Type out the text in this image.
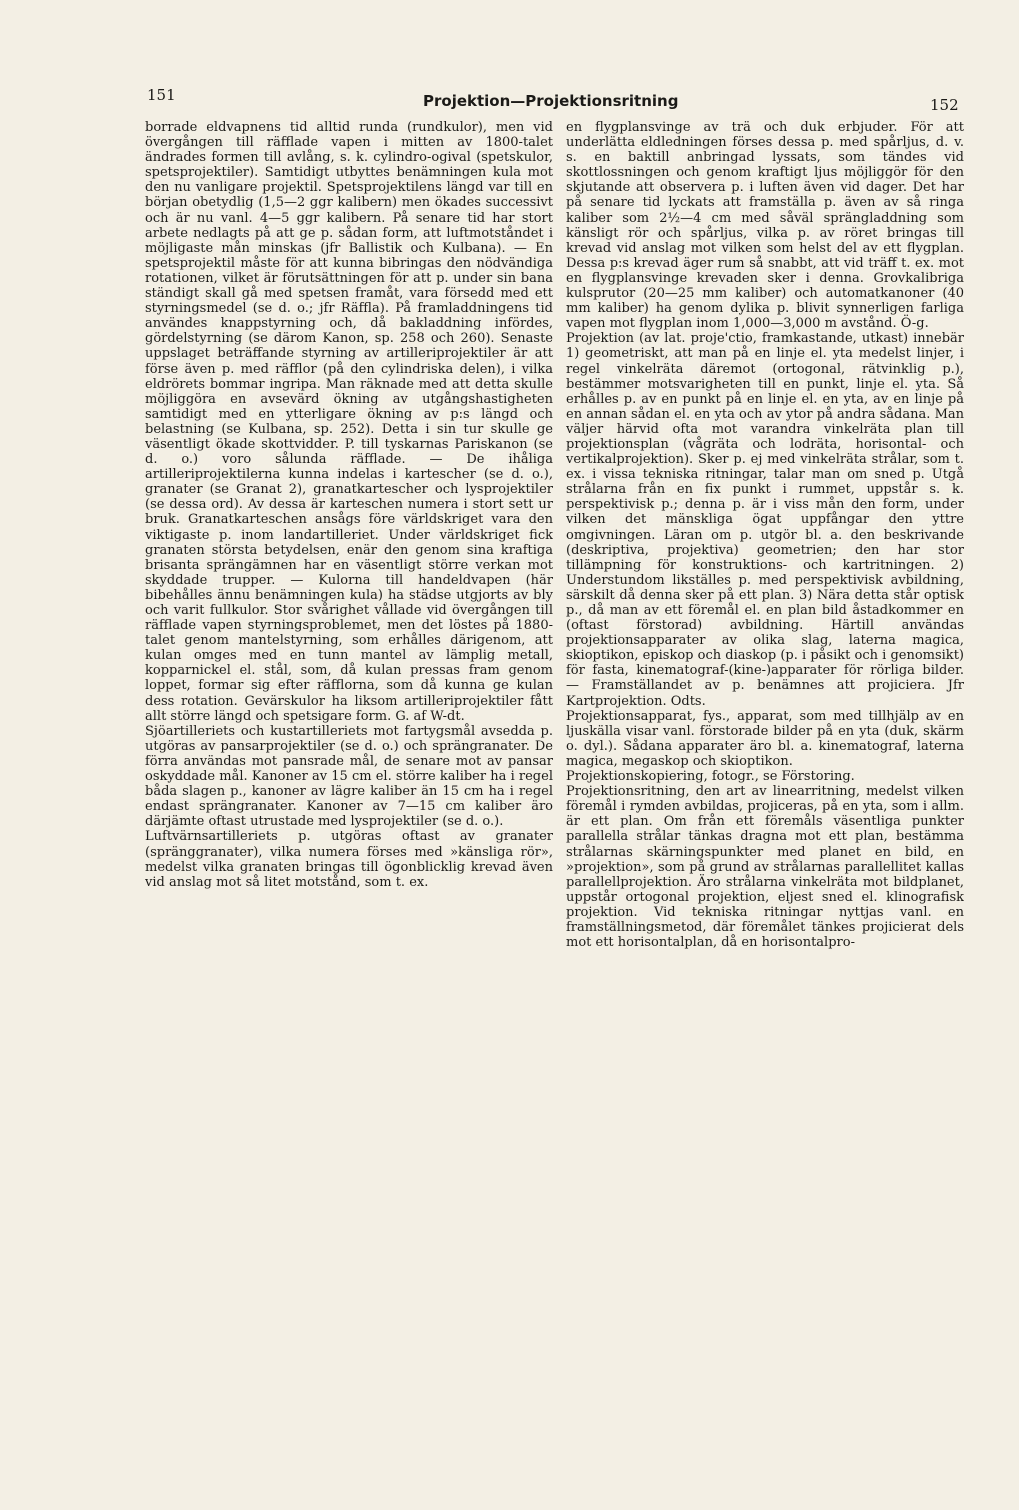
151	Projektion—Projektionsritning	152

borrade eldvapnens tid alltid runda (rundkulor), men vid övergången till räfflade vapen i mitten av 1800-talet ändrades formen till avlång, s. k. cylindro-ogival (spetskulor, spetsprojektiler). Samtidigt utbyttes benämningen kula mot den nu vanligare projektil. Spetsprojektilens längd var till en början obetydlig (1,5—2 ggr kalibern) men ökades successivt och är nu vanl. 4—5 ggr kalibern. På senare tid har stort arbete nedlagts på att ge p. sådan form, att luftmotståndet i möjligaste mån minskas (jfr Ballistik och Kulbana). — En spetsprojektil måste för att kunna bibringas den nödvändiga rotationen, vilket är förutsättningen för att p. under sin bana ständigt skall gå med spetsen framåt, vara försedd med ett styrningsmedel (se d. o.; jfr Räffla). På framladdningens tid användes knappstyrning och, då bakladdning infördes, gördelstyrning (se därom Kanon, sp. 258 och 260). Senaste uppslaget beträffande styrning av artilleriprojektiler är att förse även p. med räfflor (på den cylindriska delen), i vilka eldrörets bommar ingripa. Man räknade med att detta skulle möjliggöra en avsevärd ökning av utgångshastigheten samtidigt med en ytterligare ökning av p:s längd och belastning (se Kulbana, sp. 252). Detta i sin tur skulle ge väsentligt ökade skottvidder. P. till tyskarnas Pariskanon (se d. o.) voro sålunda räfflade. — De ihåliga artilleriprojektilerna kunna indelas i kartescher (se d. o.), granater (se Granat 2), granatkartescher och lysprojektiler (se dessa ord). Av dessa är karteschen numera i stort sett ur bruk. Granatkarteschen ansågs före världskriget vara den viktigaste p. inom landartilleriet. Under världskriget fick granaten största betydelsen, enär den genom sina kraftiga brisanta sprängämnen har en väsentligt större verkan mot skyddade trupper. — Kulorna till handeldvapen (här bibehålles ännu benämningen kula) ha städse utgjorts av bly och varit fullkulor. Stor svårighet vållade vid övergången till räfflade vapen styrningsproblemet, men det löstes på 1880-talet genom mantelstyrning, som erhålles därigenom, att kulan omges med en tunn mantel av lämplig metall, kopparnickel el. stål, som, då kulan pressas fram genom loppet, formar sig efter räfflorna, som då kunna ge kulan dess rotation. Gevärskulor ha liksom artilleriprojektiler fått allt större längd och spetsigare form. G. af W-dt.

Sjöartilleriets och kustartilleriets mot fartygsmål avsedda p. utgöras av pansarprojektiler (se d. o.) och sprängranater. De förra användas mot pansrade mål, de senare mot av pansar oskyddade mål. Kanoner av 15 cm el. större kaliber ha i regel båda slagen p., kanoner av lägre kaliber än 15 cm ha i regel endast sprängranater. Kanoner av 7—15 cm kaliber äro därjämte oftast utrustade med lysprojektiler (se d. o.).

Luftvärnsartilleriets p. utgöras oftast av granater (spränggranater), vilka numera förses med »känsliga rör», medelst vilka granaten bringas till ögonblicklig krevad även vid anslag mot så litet motstånd, som t. ex.

en flygplansvinge av trä och duk erbjuder. För att underlätta eldledningen förses dessa p. med spårljus, d. v. s. en baktill anbringad lyssats, som tändes vid skottlossningen och genom kraftigt ljus möjliggör för den skjutande att observera p. i luften även vid dager. Det har på senare tid lyckats att framställa p. även av så ringa kaliber som 2½—4 cm med såväl sprängladdning som känsligt rör och spårljus, vilka p. av röret bringas till krevad vid anslag mot vilken som helst del av ett flygplan. Dessa p:s krevad äger rum så snabbt, att vid träff t. ex. mot en flygplansvinge krevaden sker i denna. Grovkalibriga kulsprutor (20—25 mm kaliber) och automatkanoner (40 mm kaliber) ha genom dylika p. blivit synnerligen farliga vapen mot flygplan inom 1,000—3,000 m avstånd. Ö-g.

Projektion (av lat. proje'ctio, framkastande, utkast) innebär 1) geometriskt, att man på en linje el. yta medelst linjer, i regel vinkelräta däremot (ortogonal, rätvinklig p.), bestämmer motsvarigheten till en punkt, linje el. yta. Så erhålles p. av en punkt på en linje el. en yta, av en linje på en annan sådan el. en yta och av ytor på andra sådana. Man väljer härvid ofta mot varandra vinkelräta plan till projektionsplan (vågräta och lodräta, horisontal- och vertikalprojektion). Sker p. ej med vinkelräta strålar, som t. ex. i vissa tekniska ritningar, talar man om sned p. Utgå strålarna från en fix punkt i rummet, uppstår s. k. perspektivisk p.; denna p. är i viss mån den form, under vilken det mänskliga ögat uppfångar den yttre omgivningen. Läran om p. utgör bl. a. den beskrivande (deskriptiva, projektiva) geometrien; den har stor tillämpning för konstruktions- och kartritningen. 2) Understundom likställes p. med perspektivisk avbildning, särskilt då denna sker på ett plan. 3) Nära detta står optisk p., då man av ett föremål el. en plan bild åstadkommer en (oftast förstorad) avbildning. Härtill användas projektionsapparater av olika slag, laterna magica, skioptikon, episkop och diaskop (p. i påsikt och i genomsikt) för fasta, kinematograf-(kine-)apparater för rörliga bilder. — Framställandet av p. benämnes att projiciera. Jfr Kartprojektion. Odts.

Projektionsapparat, fys., apparat, som med tillhjälp av en ljuskälla visar vanl. förstorade bilder på en yta (duk, skärm o. dyl.). Sådana apparater äro bl. a. kinematograf, laterna magica, megaskop och skioptikon.

Projektionskopiering, fotogr., se Förstoring.

Projektionsritning, den art av linearritning, medelst vilken föremål i rymden avbildas, projiceras, på en yta, som i allm. är ett plan. Om från ett föremåls väsentliga punkter parallella strålar tänkas dragna mot ett plan, bestämma strålarnas skärningspunkter med planet en bild, en »projektion», som på grund av strålarnas parallellitet kallas parallellprojektion. Äro strålarna vinkelräta mot bildplanet, uppstår ortogonal projektion, eljest sned el. klinografisk projektion. Vid tekniska ritningar nyttjas vanl. en framställningsmetod, där föremålet tänkes projicierat dels mot ett horisontalplan, då en horisontalpro-
